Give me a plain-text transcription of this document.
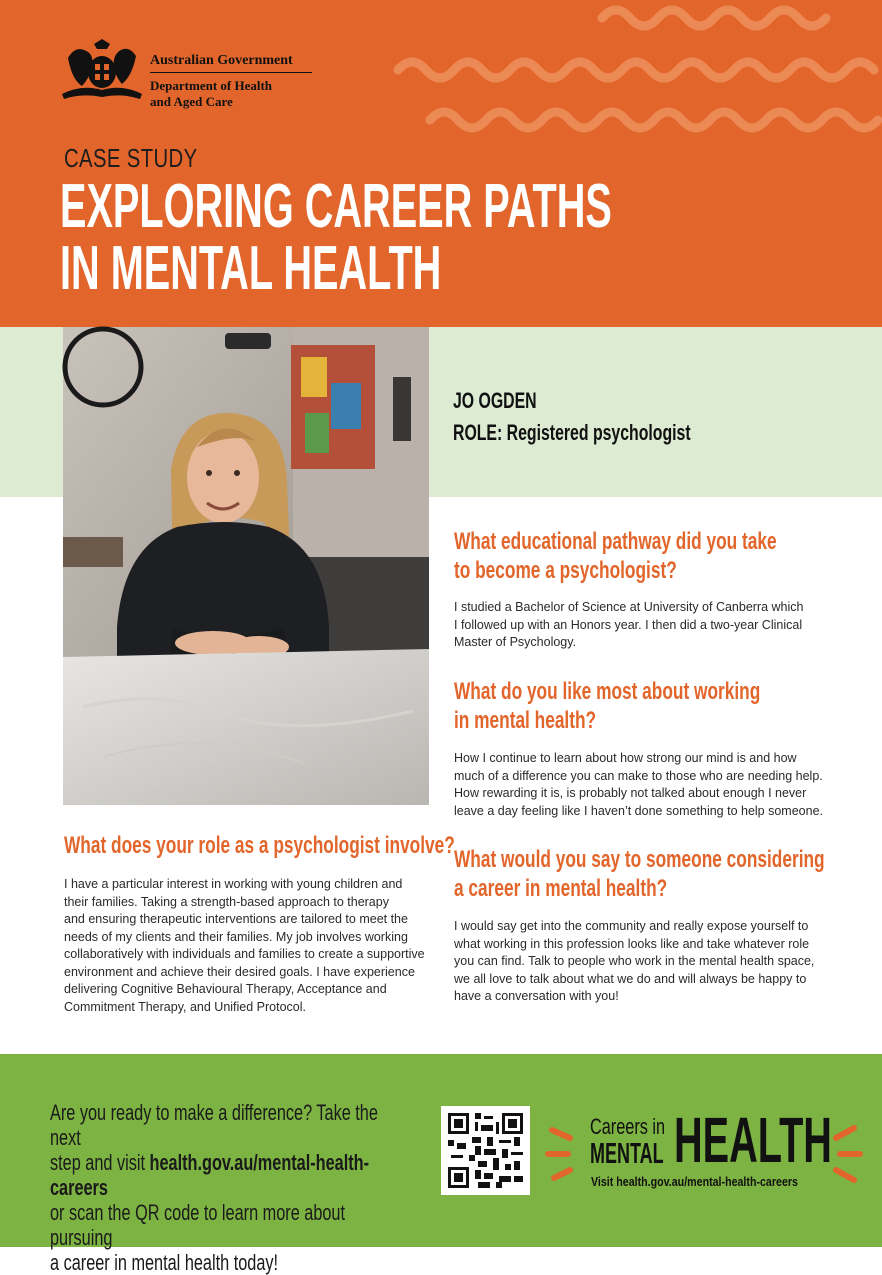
Australian Government
Department of Health
and Aged Care
CASE STUDY
EXPLORING CAREER PATHS
IN MENTAL HEALTH
JO OGDEN
ROLE: Registered psychologist
What educational pathway did you take
to become a psychologist?
I studied a Bachelor of Science at University of Canberra which
I followed up with an Honors year. I then did a two-year Clinical
Master of Psychology.
What do you like most about working
in mental health?
How I continue to learn about how strong our mind is and how
much of a difference you can make to those who are needing help.
How rewarding it is, is probably not talked about enough I never
leave a day feeling like I haven’t done something to help someone.
What would you say to someone considering
a career in mental health?
I would say get into the community and really expose yourself to
what working in this profession looks like and take whatever role
you can find. Talk to people who work in the mental health space,
we all love to talk about what we do and will always be happy to
have a conversation with you!
What does your role as a psychologist involve?
I have a particular interest in working with young children and
their families. Taking a strength-based approach to therapy
and ensuring therapeutic interventions are tailored to meet the
needs of my clients and their families. My job involves working
collaboratively with individuals and families to create a supportive
environment and achieve their desired goals. I have experience
delivering Cognitive Behavioural Therapy, Acceptance and
Commitment Therapy, and Unified Protocol.
Are you ready to make a difference? Take the next
step and visit health.gov.au/mental-health-careers
or scan the QR code to learn more about pursuing
a career in mental health today!
Careers in
MENTAL HEALTH
Visit health.gov.au/mental-health-careers
